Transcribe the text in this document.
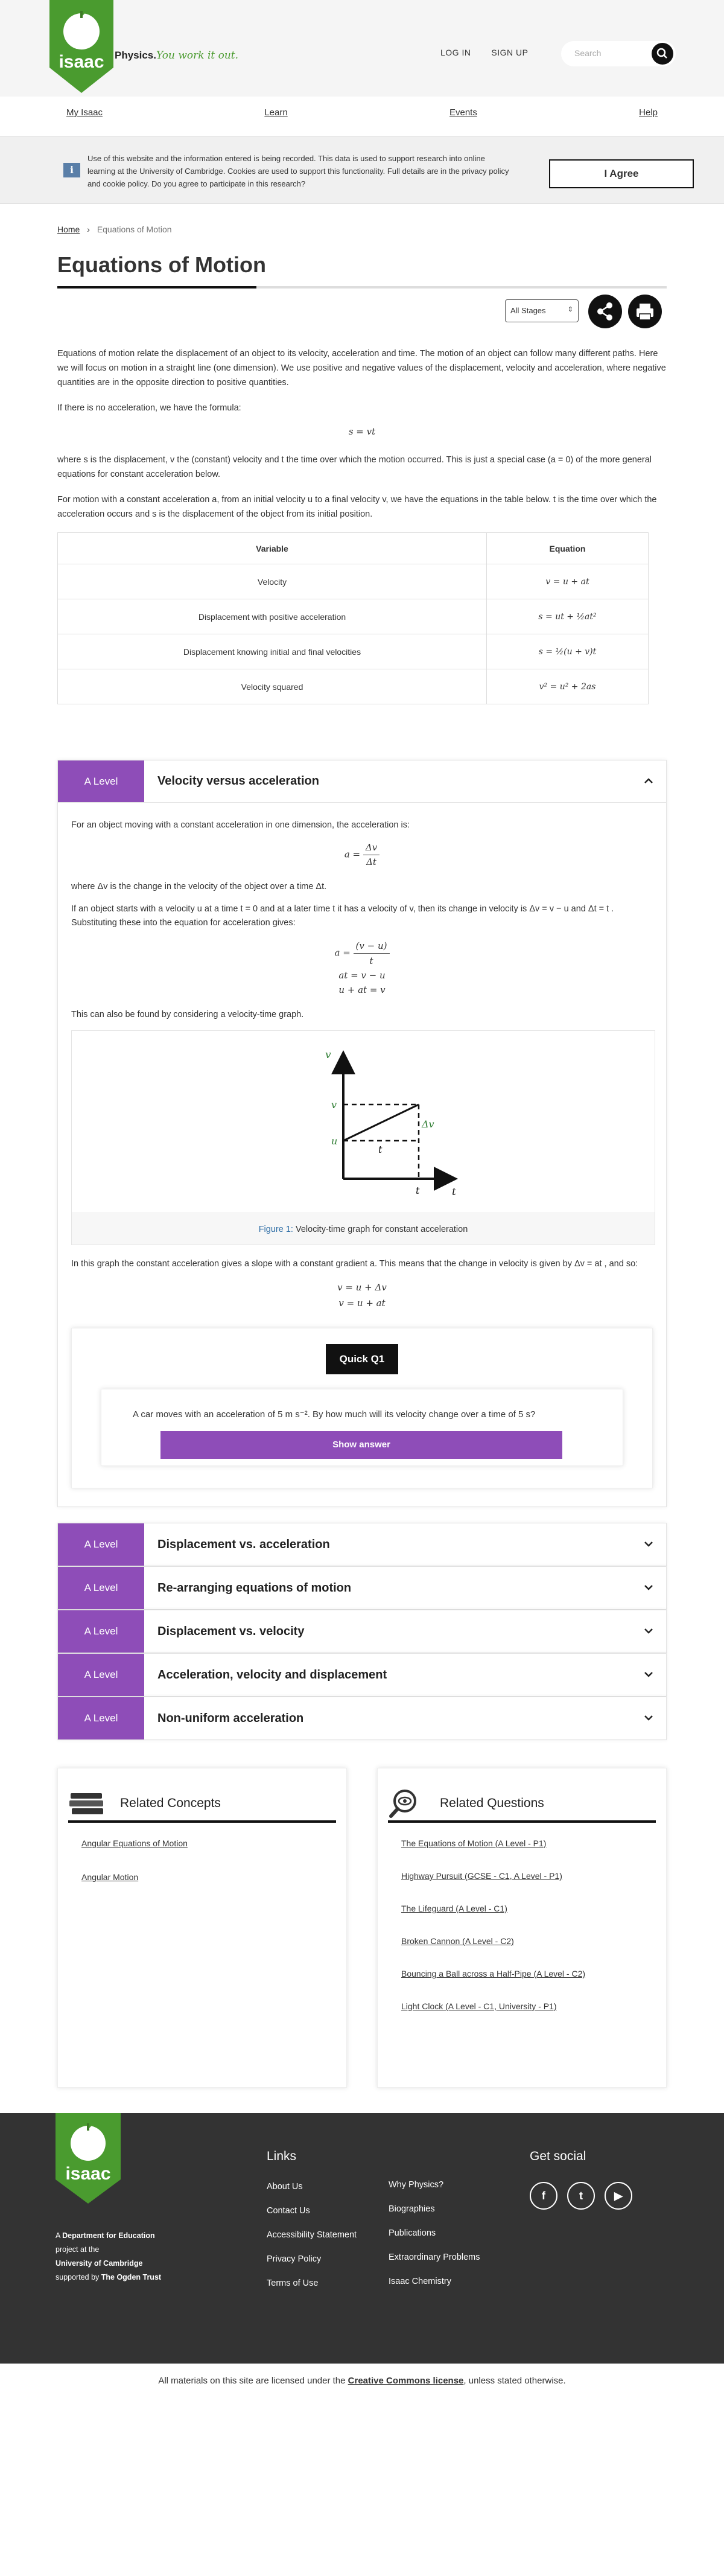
isaac Physics.You work it out.	LOG IN SIGN UP	Search
My Isaac	Learn	Events	Help
i
Use of this website and the information entered is being recorded. This data is used to support research into online learning at the University of Cambridge. Cookies are used to support this functionality. Full details are in the privacy policy and cookie policy. Do you agree to participate in this research?
I Agree
Home › Equations of Motion
Equations of Motion
All Stages	⇕

Equations of motion relate the displacement of an object to its velocity, acceleration and time. The motion of an object can follow many different paths. Here we will focus on motion in a straight line (one dimension). We use positive and negative values of the displacement, velocity and acceleration, where negative quantities are in the opposite direction to positive quantities.

If there is no acceleration, we have the formula:

s = vt

where s is the displacement, v the (constant) velocity and t the time over which the motion occurred. This is just a special case (a = 0) of the more general equations for constant acceleration below.

For motion with a constant acceleration a, from an initial velocity u to a final velocity v, we have the equations in the table below. t is the time over which the acceleration occurs and s is the displacement of the object from its initial position.

Variable	Equation
Velocity	v = u + at
Displacement with positive acceleration	s = ut + ½at²
Displacement knowing initial and final velocities	s = ½(u + v)t
Velocity squared	v² = u² + 2as
A Level	Velocity versus acceleration

For an object moving with a constant acceleration in one dimension, the acceleration is:

$a = \frac{\Delta v}{\Delta t}$

where Δv is the change in the velocity of the object over a time Δt.

If an object starts with a velocity u at a time t = 0 and at a later time t it has a velocity of v, then its change in velocity is Δv = v − u and Δt = t . Substituting these into the equation for acceleration gives:

$a = \frac{(v - u)}{t}$
at = v − u
u + at = v

This can also be found by considering a velocity-time graph.

v
v
u
t
Δv
t	t
Figure 1: Velocity-time graph for constant acceleration

In this graph the constant acceleration gives a slope with a constant gradient a. This means that the change in velocity is given by Δv = at , and so:

v = u + Δv
v = u + at
Quick Q1
A car moves with an acceleration of 5 m s⁻². By how much will its velocity change over a time of 5 s?
Show answer
A Level	Displacement vs. acceleration
A Level	Re-arranging equations of motion
A Level	Displacement vs. velocity
A Level	Acceleration, velocity and displacement
A Level	Non-uniform acceleration
Related Concepts
Angular Equations of Motion
Angular Motion
Related Questions
The Equations of Motion (A Level - P1)
Highway Pursuit (GCSE - C1, A Level - P1)
The Lifeguard (A Level - C1)
Broken Cannon (A Level - C2)
Bouncing a Ball across a Half-Pipe (A Level - C2)
Light Clock (A Level - C1, University - P1)
isaac
A Department for Education
project at the
University of Cambridge
supported by The Ogden Trust
Links
About Us
Contact Us
Accessibility Statement
Privacy Policy
Terms of Use
Why Physics?
Biographies
Publications
Extraordinary Problems
Isaac Chemistry
Get social
f	t	▶
All materials on this site are licensed under the Creative Commons license, unless stated otherwise.
